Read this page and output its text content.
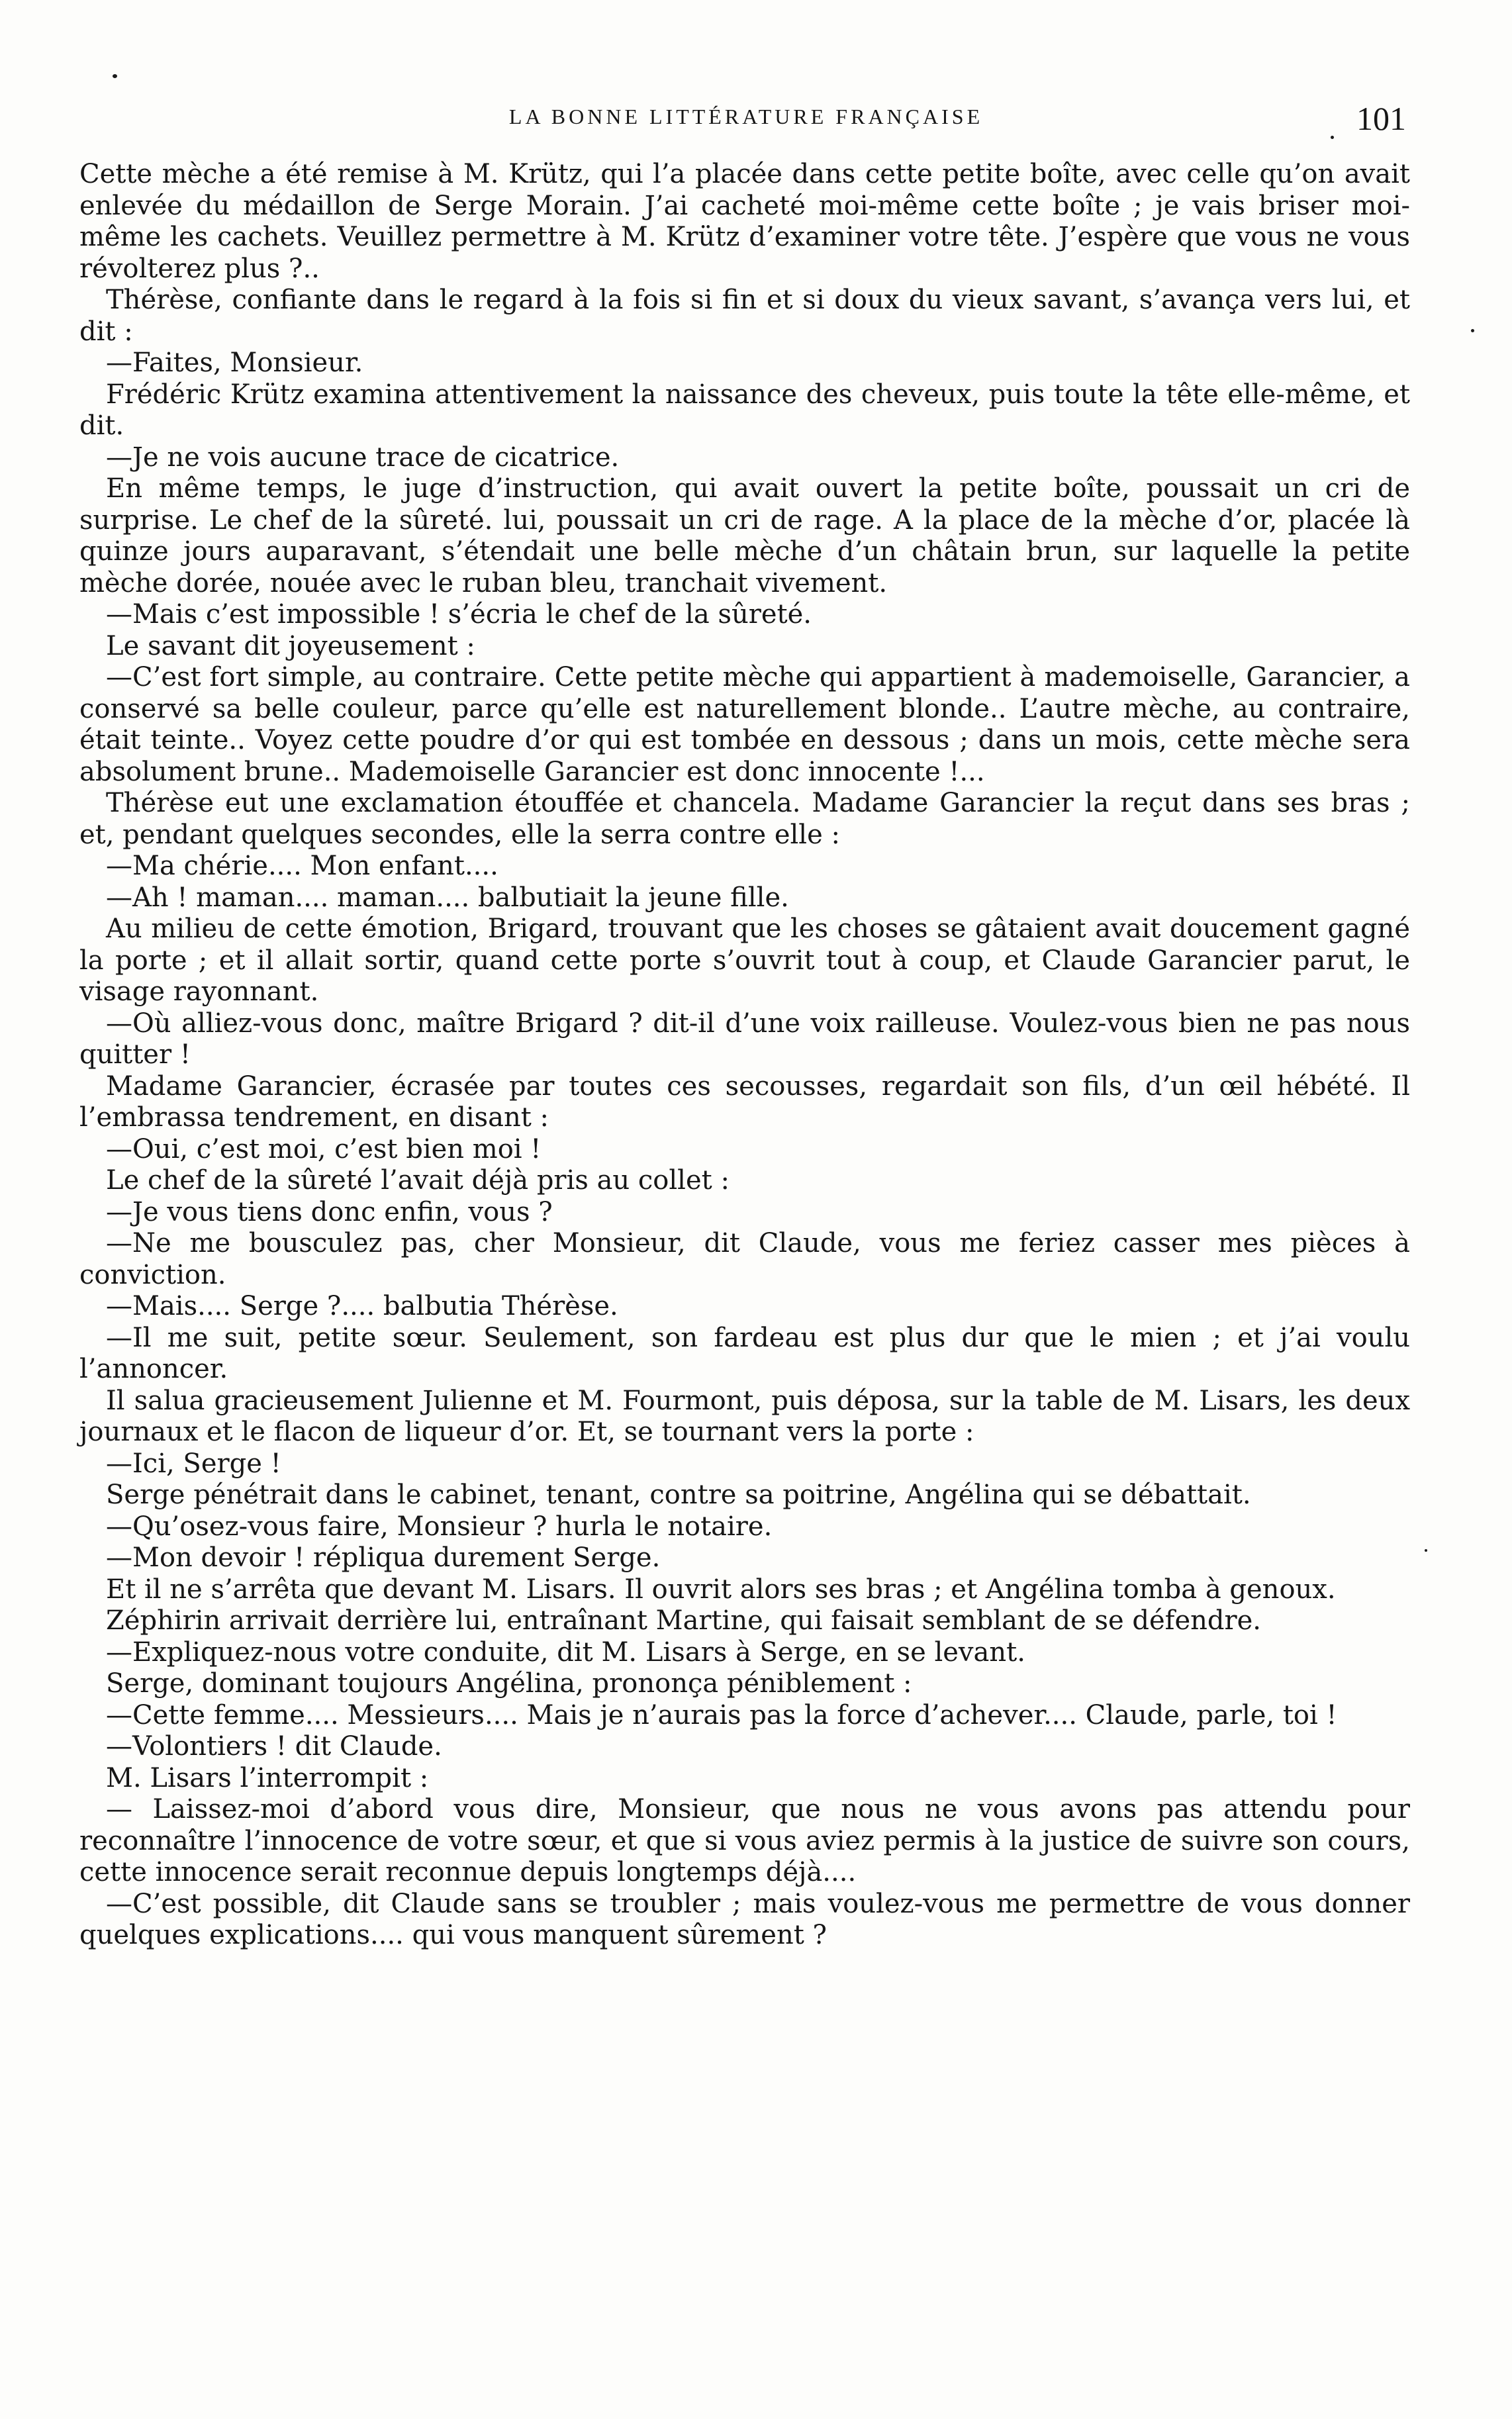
LA BONNE LITTÉRATURE FRANÇAISE	101

Cette mèche a été remise à M. Krütz, qui l’a placée dans cette petite boîte, avec celle qu’on avait enlevée du médaillon de Serge Morain. J’ai cacheté moi-même cette boîte ; je vais briser moi-même les cachets. Veuillez permettre à M. Krütz d’examiner votre tête. J’espère que vous ne vous révolterez plus ?..

Thérèse, confiante dans le regard à la fois si fin et si doux du vieux savant, s’avança vers lui, et dit :

—Faites, Monsieur.

Frédéric Krütz examina attentivement la naissance des cheveux, puis toute la tête elle-même, et dit.

—Je ne vois aucune trace de cicatrice.

En même temps, le juge d’instruction, qui avait ouvert la petite boîte, poussait un cri de surprise. Le chef de la sûreté. lui, poussait un cri de rage. A la place de la mèche d’or, placée là quinze jours auparavant, s’étendait une belle mèche d’un châtain brun, sur laquelle la petite mèche dorée, nouée avec le ruban bleu, tranchait vivement.

—Mais c’est impossible ! s’écria le chef de la sûreté.

Le savant dit joyeusement :

—C’est fort simple, au contraire. Cette petite mèche qui appartient à mademoiselle, Garancier, a conservé sa belle couleur, parce qu’elle est naturellement blonde.. L’autre mèche, au contraire, était teinte.. Voyez cette poudre d’or qui est tombée en dessous ; dans un mois, cette mèche sera absolument brune.. Mademoiselle Garancier est donc innocente !...

Thérèse eut une exclamation étouffée et chancela. Madame Garancier la reçut dans ses bras ; et, pendant quelques secondes, elle la serra contre elle :

—Ma chérie.... Mon enfant....

—Ah ! maman.... maman.... balbutiait la jeune fille.

Au milieu de cette émotion, Brigard, trouvant que les choses se gâtaient avait doucement gagné la porte ; et il allait sortir, quand cette porte s’ouvrit tout à coup, et Claude Garancier parut, le visage rayonnant.

—Où alliez-vous donc, maître Brigard ? dit-il d’une voix railleuse. Voulez-vous bien ne pas nous quitter !

Madame Garancier, écrasée par toutes ces secousses, regardait son fils, d’un œil hébété. Il l’embrassa tendrement, en disant :

—Oui, c’est moi, c’est bien moi !

Le chef de la sûreté l’avait déjà pris au collet :

—Je vous tiens donc enfin, vous ?

—Ne me bousculez pas, cher Monsieur, dit Claude, vous me feriez casser mes pièces à conviction.

—Mais.... Serge ?.... balbutia Thérèse.

—Il me suit, petite sœur. Seulement, son fardeau est plus dur que le mien ; et j’ai voulu l’annoncer.

Il salua gracieusement Julienne et M. Fourmont, puis déposa, sur la table de M. Lisars, les deux journaux et le flacon de liqueur d’or. Et, se tournant vers la porte :

—Ici, Serge !

Serge pénétrait dans le cabinet, tenant, contre sa poitrine, Angélina qui se débattait.

—Qu’osez-vous faire, Monsieur ? hurla le notaire.

—Mon devoir ! répliqua durement Serge.

Et il ne s’arrêta que devant M. Lisars. Il ouvrit alors ses bras ; et Angélina tomba à genoux.

Zéphirin arrivait derrière lui, entraînant Martine, qui faisait semblant de se défendre.

—Expliquez-nous votre conduite, dit M. Lisars à Serge, en se levant.

Serge, dominant toujours Angélina, prononça péniblement :

—Cette femme.... Messieurs.... Mais je n’aurais pas la force d’achever.... Claude, parle, toi !

—Volontiers ! dit Claude.

M. Lisars l’interrompit :

— Laissez-moi d’abord vous dire, Monsieur, que nous ne vous avons pas attendu pour reconnaître l’innocence de votre sœur, et que si vous aviez permis à la justice de suivre son cours, cette innocence serait reconnue depuis longtemps déjà....

—C’est possible, dit Claude sans se troubler ; mais voulez-vous me permettre de vous donner quelques explications.... qui vous manquent sûrement ?
